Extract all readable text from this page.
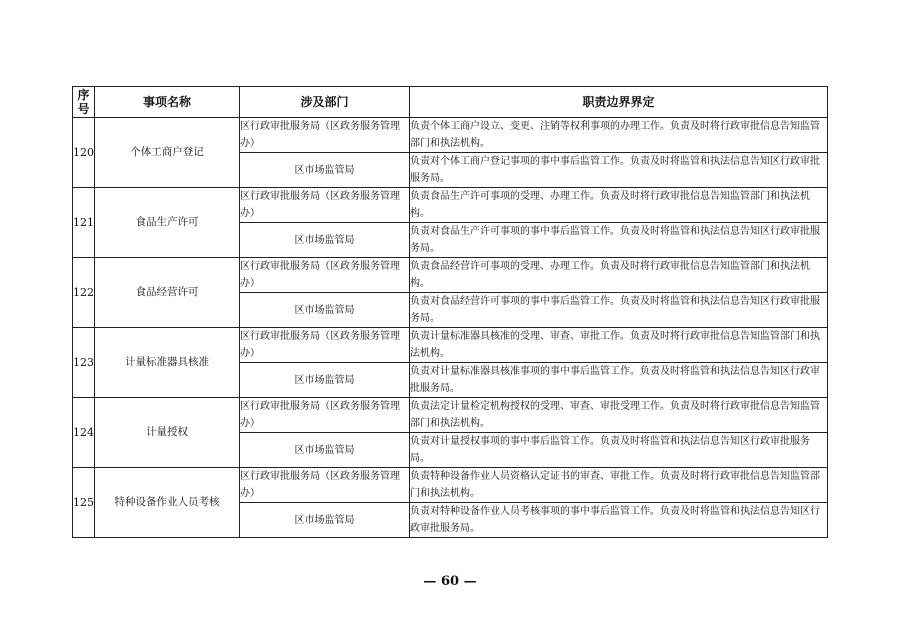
序
号	事项名称	涉及部门	职责边界界定
120	个体工商户登记	区行政审批服务局（区政务服务管理办）	负责个体工商户设立、变更、注销等权利事项的办理工作。负责及时将行政审批信息告知监管部门和执法机构。
		区市场监管局	负责对个体工商户登记事项的事中事后监管工作。负责及时将监管和执法信息告知区行政审批服务局。
121	食品生产许可	区行政审批服务局（区政务服务管理办）	负责食品生产许可事项的受理、办理工作。负责及时将行政审批信息告知监管部门和执法机构。
		区市场监管局	负责对食品生产许可事项的事中事后监管工作。负责及时将监管和执法信息告知区行政审批服务局。
122	食品经营许可	区行政审批服务局（区政务服务管理办）	负责食品经营许可事项的受理、办理工作。负责及时将行政审批信息告知监管部门和执法机构。
		区市场监管局	负责对食品经营许可事项的事中事后监管工作。负责及时将监管和执法信息告知区行政审批服务局。
123	计量标准器具核准	区行政审批服务局（区政务服务管理办）	负责计量标准器具核准的受理、审查、审批工作。负责及时将行政审批信息告知监管部门和执法机构。
		区市场监管局	负责对计量标准器具核准事项的事中事后监管工作。负责及时将监管和执法信息告知区行政审批服务局。
124	计量授权	区行政审批服务局（区政务服务管理办）	负责法定计量检定机构授权的受理、审查、审批受理工作。负责及时将行政审批信息告知监管部门和执法机构。
		区市场监管局	负责对计量授权事项的事中事后监管工作。负责及时将监管和执法信息告知区行政审批服务局。
125	特种设备作业人员考核	区行政审批服务局（区政务服务管理办）	负责特种设备作业人员资格认定证书的审查、审批工作。负责及时将行政审批信息告知监管部门和执法机构。
		区市场监管局	负责对特种设备作业人员考核事项的事中事后监管工作。负责及时将监管和执法信息告知区行政审批服务局。
— 60 —
